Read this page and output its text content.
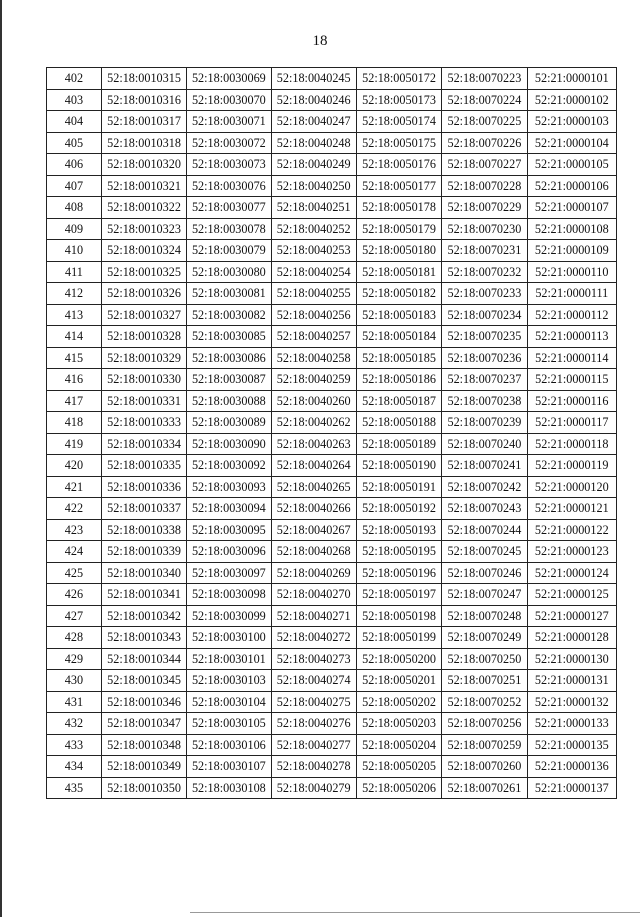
18
402	52:18:0010315	52:18:0030069	52:18:0040245	52:18:0050172	52:18:0070223	52:21:0000101
403	52:18:0010316	52:18:0030070	52:18:0040246	52:18:0050173	52:18:0070224	52:21:0000102
404	52:18:0010317	52:18:0030071	52:18:0040247	52:18:0050174	52:18:0070225	52:21:0000103
405	52:18:0010318	52:18:0030072	52:18:0040248	52:18:0050175	52:18:0070226	52:21:0000104
406	52:18:0010320	52:18:0030073	52:18:0040249	52:18:0050176	52:18:0070227	52:21:0000105
407	52:18:0010321	52:18:0030076	52:18:0040250	52:18:0050177	52:18:0070228	52:21:0000106
408	52:18:0010322	52:18:0030077	52:18:0040251	52:18:0050178	52:18:0070229	52:21:0000107
409	52:18:0010323	52:18:0030078	52:18:0040252	52:18:0050179	52:18:0070230	52:21:0000108
410	52:18:0010324	52:18:0030079	52:18:0040253	52:18:0050180	52:18:0070231	52:21:0000109
411	52:18:0010325	52:18:0030080	52:18:0040254	52:18:0050181	52:18:0070232	52:21:0000110
412	52:18:0010326	52:18:0030081	52:18:0040255	52:18:0050182	52:18:0070233	52:21:0000111
413	52:18:0010327	52:18:0030082	52:18:0040256	52:18:0050183	52:18:0070234	52:21:0000112
414	52:18:0010328	52:18:0030085	52:18:0040257	52:18:0050184	52:18:0070235	52:21:0000113
415	52:18:0010329	52:18:0030086	52:18:0040258	52:18:0050185	52:18:0070236	52:21:0000114
416	52:18:0010330	52:18:0030087	52:18:0040259	52:18:0050186	52:18:0070237	52:21:0000115
417	52:18:0010331	52:18:0030088	52:18:0040260	52:18:0050187	52:18:0070238	52:21:0000116
418	52:18:0010333	52:18:0030089	52:18:0040262	52:18:0050188	52:18:0070239	52:21:0000117
419	52:18:0010334	52:18:0030090	52:18:0040263	52:18:0050189	52:18:0070240	52:21:0000118
420	52:18:0010335	52:18:0030092	52:18:0040264	52:18:0050190	52:18:0070241	52:21:0000119
421	52:18:0010336	52:18:0030093	52:18:0040265	52:18:0050191	52:18:0070242	52:21:0000120
422	52:18:0010337	52:18:0030094	52:18:0040266	52:18:0050192	52:18:0070243	52:21:0000121
423	52:18:0010338	52:18:0030095	52:18:0040267	52:18:0050193	52:18:0070244	52:21:0000122
424	52:18:0010339	52:18:0030096	52:18:0040268	52:18:0050195	52:18:0070245	52:21:0000123
425	52:18:0010340	52:18:0030097	52:18:0040269	52:18:0050196	52:18:0070246	52:21:0000124
426	52:18:0010341	52:18:0030098	52:18:0040270	52:18:0050197	52:18:0070247	52:21:0000125
427	52:18:0010342	52:18:0030099	52:18:0040271	52:18:0050198	52:18:0070248	52:21:0000127
428	52:18:0010343	52:18:0030100	52:18:0040272	52:18:0050199	52:18:0070249	52:21:0000128
429	52:18:0010344	52:18:0030101	52:18:0040273	52:18:0050200	52:18:0070250	52:21:0000130
430	52:18:0010345	52:18:0030103	52:18:0040274	52:18:0050201	52:18:0070251	52:21:0000131
431	52:18:0010346	52:18:0030104	52:18:0040275	52:18:0050202	52:18:0070252	52:21:0000132
432	52:18:0010347	52:18:0030105	52:18:0040276	52:18:0050203	52:18:0070256	52:21:0000133
433	52:18:0010348	52:18:0030106	52:18:0040277	52:18:0050204	52:18:0070259	52:21:0000135
434	52:18:0010349	52:18:0030107	52:18:0040278	52:18:0050205	52:18:0070260	52:21:0000136
435	52:18:0010350	52:18:0030108	52:18:0040279	52:18:0050206	52:18:0070261	52:21:0000137
